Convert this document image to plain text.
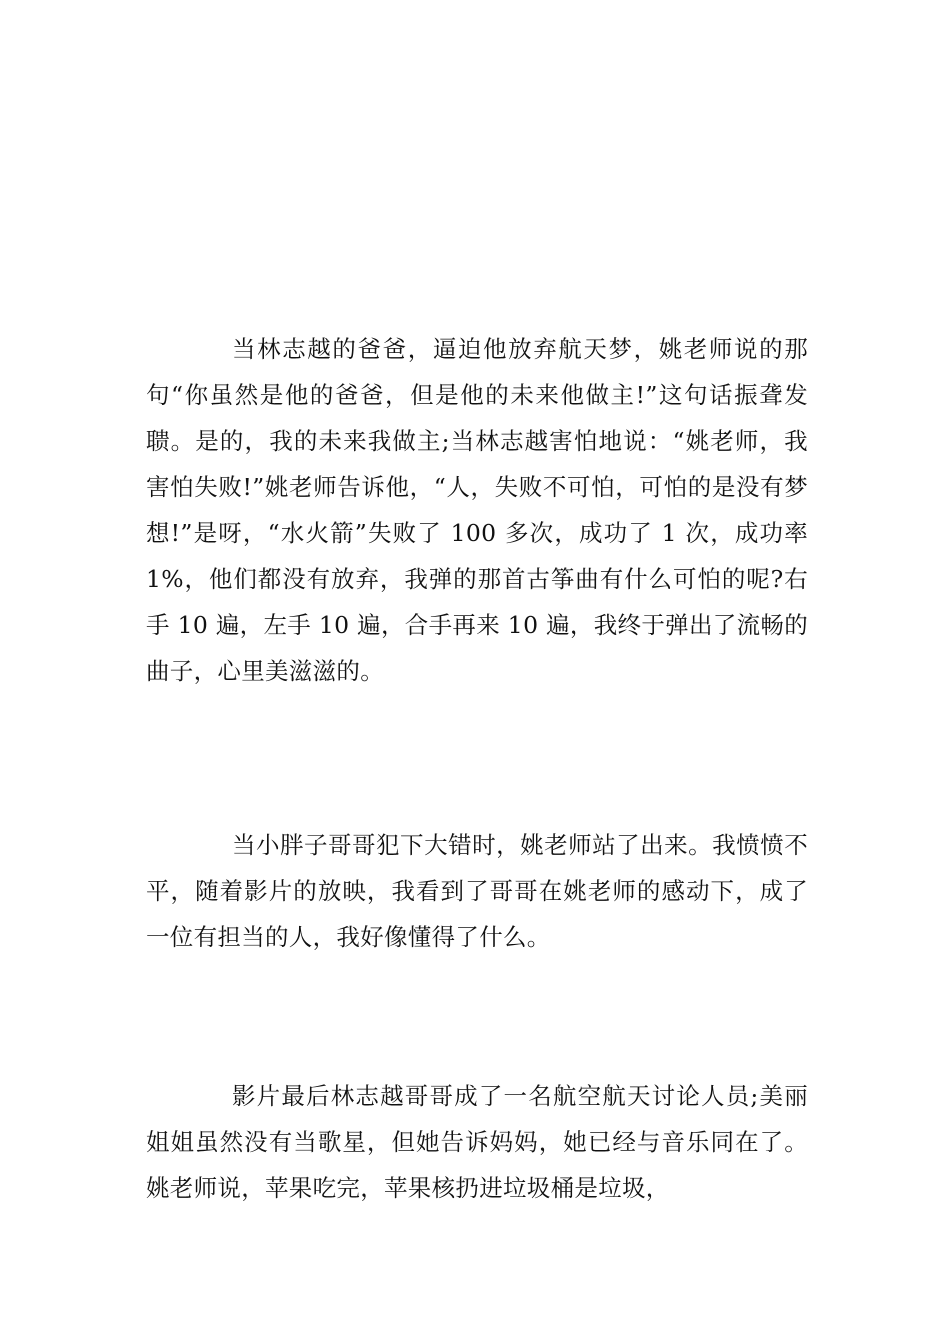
当林志越的爸爸，逼迫他放弃航天梦，姚老师说的那句“你虽然是他的爸爸，但是他的未来他做主!”这句话振聋发聩。是的，我的未来我做主;当林志越害怕地说：“姚老师，我害怕失败!”姚老师告诉他，“人，失败不可怕，可怕的是没有梦想!”是呀，“水火箭”失败了 100 多次，成功了 1 次，成功率 1%，他们都没有放弃，我弹的那首古筝曲有什么可怕的呢?右手 10 遍，左手 10 遍，合手再来 10 遍，我终于弹出了流畅的曲子，心里美滋滋的。

当小胖子哥哥犯下大错时，姚老师站了出来。我愤愤不平，随着影片的放映，我看到了哥哥在姚老师的感动下，成了一位有担当的人，我好像懂得了什么。

影片最后林志越哥哥成了一名航空航天讨论人员;美丽姐姐虽然没有当歌星，但她告诉妈妈，她已经与音乐同在了。姚老师说，苹果吃完，苹果核扔进垃圾桶是垃圾，
